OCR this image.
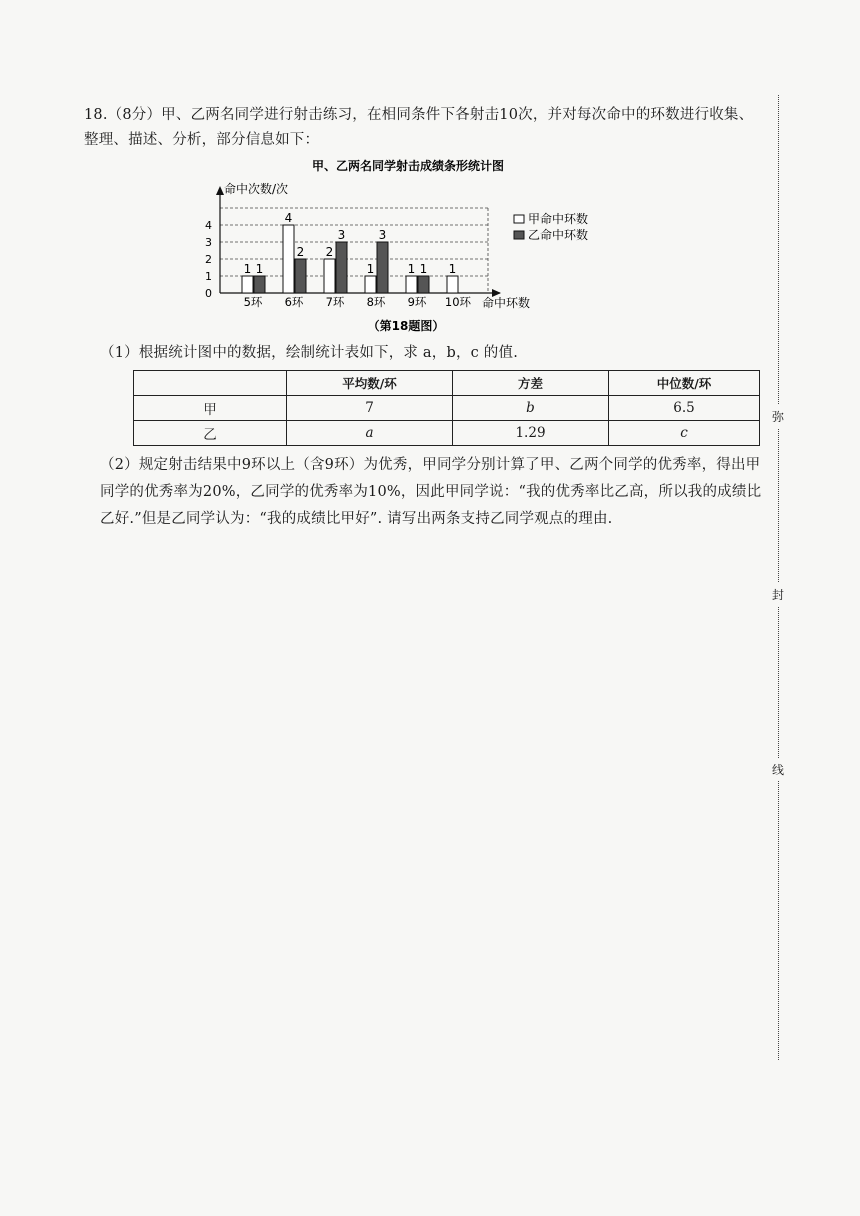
18.（8分）甲、乙两名同学进行射击练习，在相同条件下各射击10次，并对每次命中的环数进行收集、整理、描述、分析，部分信息如下：
甲、乙两名同学射击成绩条形统计图
命中次数/次
命中环数
0
1
2
3
4
5环
1 1
6环
4
2
7环
2
3
8环
1
3
9环
1 1
10环
1
甲命中环数
乙命中环数
（第18题图）
（1）根据统计图中的数据，绘制统计表如下，求 a，b，c 的值.
	平均数/环	方差	中位数/环
甲	7	b	6.5
乙	a	1.29	c
（2）规定射击结果中9环以上（含9环）为优秀，甲同学分别计算了甲、乙两个同学的优秀率，得出甲同学的优秀率为20%，乙同学的优秀率为10%，因此甲同学说：“我的优秀率比乙高，所以我的成绩比乙好.”但是乙同学认为：“我的成绩比甲好”. 请写出两条支持乙同学观点的理由.
弥
封
线
